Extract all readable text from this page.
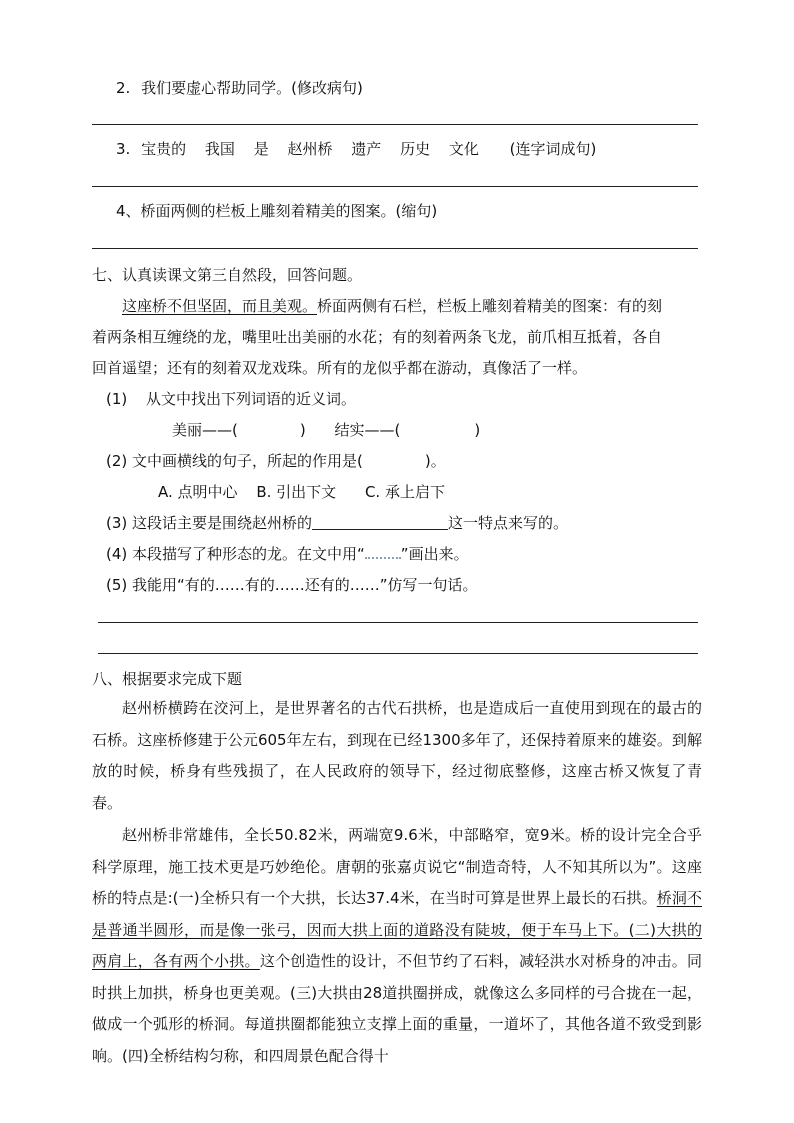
2. 我们要虚心帮助同学。(修改病句)
3. 宝贵的 我国 是 赵州桥 遗产 历史 文化 (连字词成句)
4、桥面两侧的栏板上雕刻着精美的图案。(缩句)
七、认真读课文第三自然段，回答问题。
这座桥不但坚固，而且美观。桥面两侧有石栏，栏板上雕刻着精美的图案：有的刻
着两条相互缠绕的龙，嘴里吐出美丽的水花；有的刻着两条飞龙，前爪相互抵着，各自
回首遥望；还有的刻着双龙戏珠。所有的龙似乎都在游动，真像活了一样。
(1) 从文中找出下列词语的近义词。
美丽——(	) 结实——(	)
(2) 文中画横线的句子，所起的作用是(	)。
A. 点明中心 B. 引出下文 C. 承上启下
(3) 这段话主要是围绕赵州桥的	这一特点来写的。
(4) 本段描写了种形态的龙。在文中用“ ”画出来。
(5) 我能用“有的……有的……还有的……”仿写一句话。
八、根据要求完成下题
赵州桥横跨在洨河上，是世界著名的古代石拱桥，也是造成后一直使用到现在的最古的石桥。这座桥修建于公元605年左右，到现在已经1300多年了，还保持着原来的雄姿。到解放的时候，桥身有些残损了，在人民政府的领导下，经过彻底整修，这座古桥又恢复了青春。
赵州桥非常雄伟，全长50.82米，两端宽9.6米，中部略窄，宽9米。桥的设计完全合乎科学原理，施工技术更是巧妙绝伦。唐朝的张嘉贞说它“制造奇特，人不知其所以为”。这座桥的特点是:(一)全桥只有一个大拱，长达37.4米，在当时可算是世界上最长的石拱。桥洞不是普通半圆形，而是像一张弓，因而大拱上面的道路没有陡坡，便于车马上下。(二)大拱的两肩上，各有两个小拱。这个创造性的设计，不但节约了石料，减轻洪水对桥身的冲击。同时拱上加拱，桥身也更美观。(三)大拱由28道拱圈拼成，就像这么多同样的弓合拢在一起，做成一个弧形的桥洞。每道拱圈都能独立支撑上面的重量，一道坏了，其他各道不致受到影响。(四)全桥结构匀称，和四周景色配合得十
